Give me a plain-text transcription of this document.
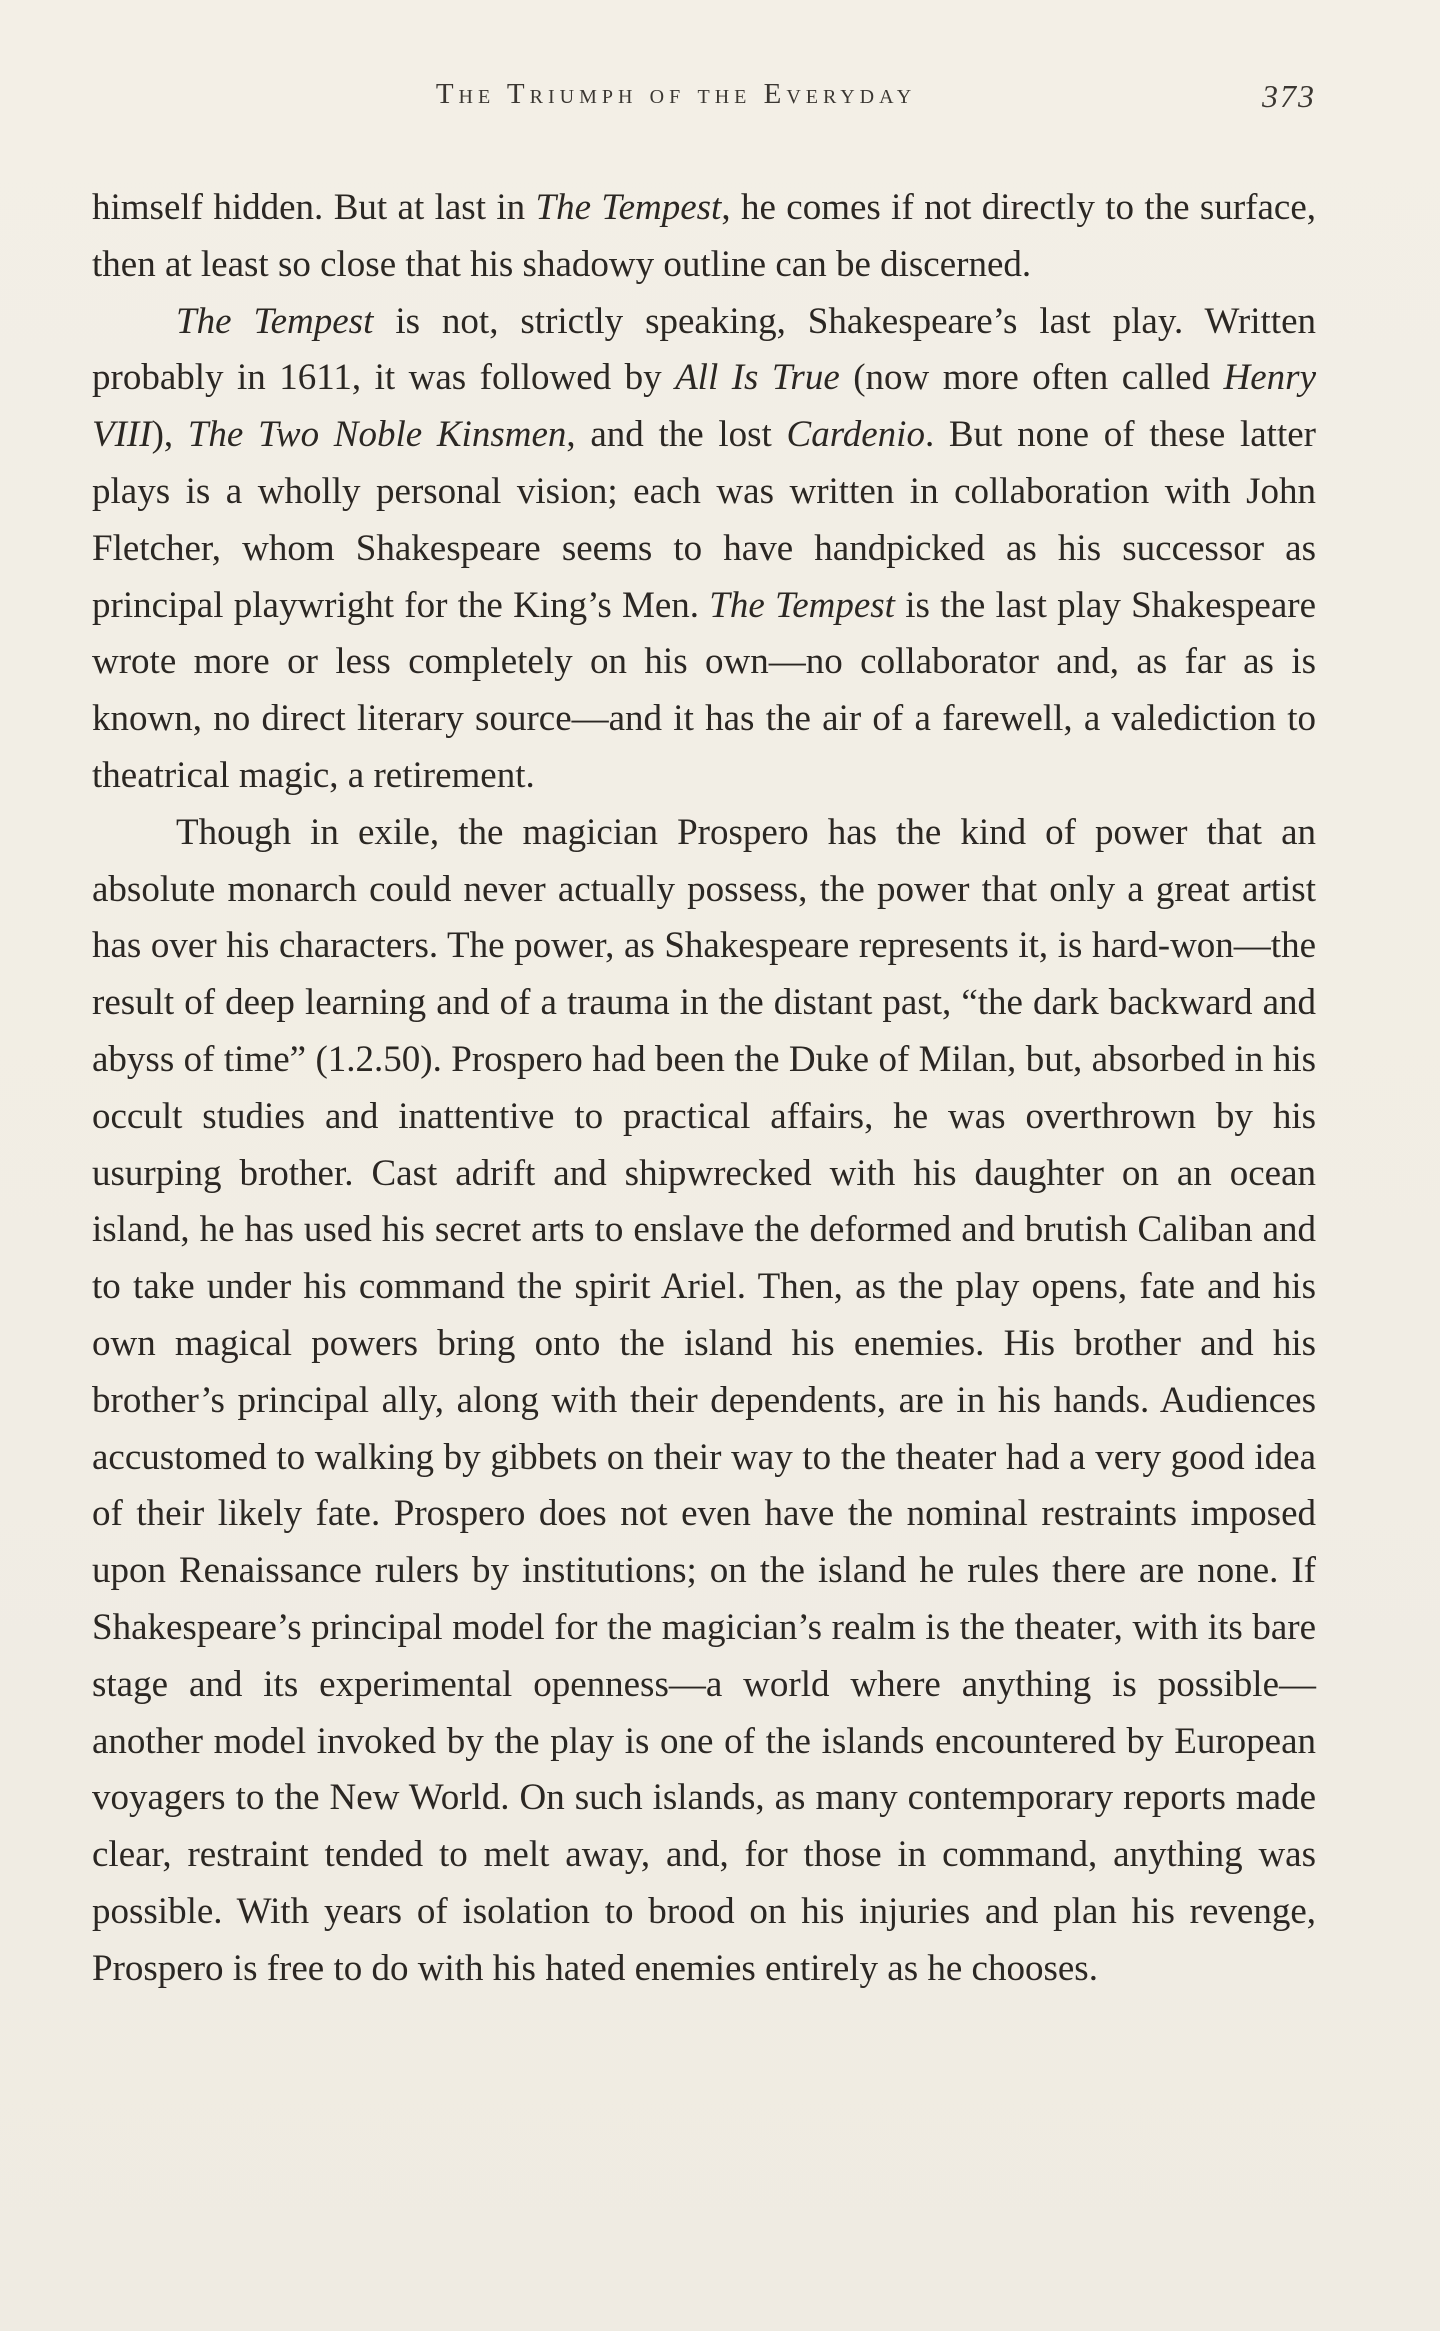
The Triumph of the Everyday	373

himself hidden. But at last in The Tempest, he comes if not directly to the surface, then at least so close that his shadowy outline can be discerned.

The Tempest is not, strictly speaking, Shakespeare’s last play. Written probably in 1611, it was followed by All Is True (now more often called Henry VIII), The Two Noble Kinsmen, and the lost Cardenio. But none of these latter plays is a wholly personal vision; each was written in collaboration with John Fletcher, whom Shakespeare seems to have handpicked as his successor as principal playwright for the King’s Men. The Tempest is the last play Shakespeare wrote more or less completely on his own—no collaborator and, as far as is known, no direct literary source—and it has the air of a farewell, a valediction to theatrical magic, a retirement.

Though in exile, the magician Prospero has the kind of power that an absolute monarch could never actually possess, the power that only a great artist has over his characters. The power, as Shakespeare represents it, is hard-won—the result of deep learning and of a trauma in the distant past, “the dark backward and abyss of time” (1.2.50). Prospero had been the Duke of Milan, but, absorbed in his occult studies and inattentive to practical affairs, he was overthrown by his usurping brother. Cast adrift and shipwrecked with his daughter on an ocean island, he has used his secret arts to enslave the deformed and brutish Caliban and to take under his command the spirit Ariel. Then, as the play opens, fate and his own magical powers bring onto the island his enemies. His brother and his brother’s principal ally, along with their dependents, are in his hands. Audiences accustomed to walking by gibbets on their way to the theater had a very good idea of their likely fate. Prospero does not even have the nominal restraints imposed upon Renaissance rulers by institutions; on the island he rules there are none. If Shakespeare’s principal model for the magician’s realm is the theater, with its bare stage and its experimental openness—a world where anything is possible—another model invoked by the play is one of the islands encountered by European voyagers to the New World. On such islands, as many contemporary reports made clear, restraint tended to melt away, and, for those in command, anything was possible. With years of isolation to brood on his injuries and plan his revenge, Prospero is free to do with his hated enemies entirely as he chooses.
